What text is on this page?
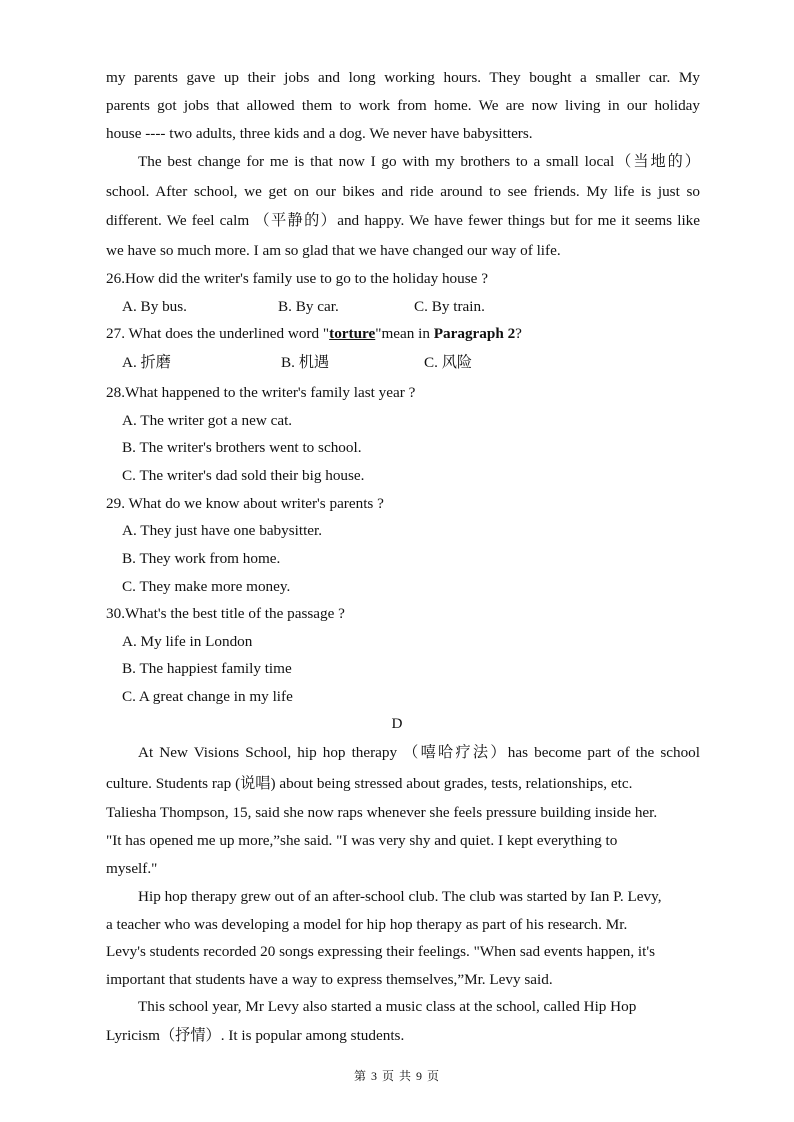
my parents gave up their jobs and long working hours. They bought a smaller car. My
parents got jobs that allowed them to work from home. We are now living in our holiday
house ---- two adults, three kids and a dog. We never have babysitters.
The best change for me is that now I go with my brothers to a small local（当地的）
school. After school, we get on our bikes and ride around to see friends. My life is just so
different. We feel calm （平静的）and happy. We have fewer things but for me it seems like
we have so much more. I am so glad that we have changed our way of life.
26.How did the writer's family use to go to the holiday house ?
A. By bus.	B. By car.	C. By train.
27. What does the underlined word "torture"mean in Paragraph 2?
A. 折磨	B. 机遇	C. 风险
28.What happened to the writer's family last year ?
A. The writer got a new cat.
B. The writer's brothers went to school.
C. The writer's dad sold their big house.
29. What do we know about writer's parents ?
A. They just have one babysitter.
B. They work from home.
C. They make more money.
30.What's the best title of the passage ?
A. My life in London
B. The happiest family time
C. A great change in my life
D
At New Visions School, hip hop therapy （嘻哈疗法）has become part of the school
culture. Students rap (说唱) about being stressed about grades, tests, relationships, etc.
Taliesha Thompson, 15, said she now raps whenever she feels pressure building inside her.
"It has opened me up more,”she said. "I was very shy and quiet. I kept everything to
myself."
Hip hop therapy grew out of an after-school club. The club was started by Ian P. Levy,
a teacher who was developing a model for hip hop therapy as part of his research. Mr.
Levy's students recorded 20 songs expressing their feelings. "When sad events happen, it's
important that students have a way to express themselves,”Mr. Levy said.
This school year, Mr Levy also started a music class at the school, called Hip Hop
Lyricism（抒情）. It is popular among students.
第 3 页 共 9 页
